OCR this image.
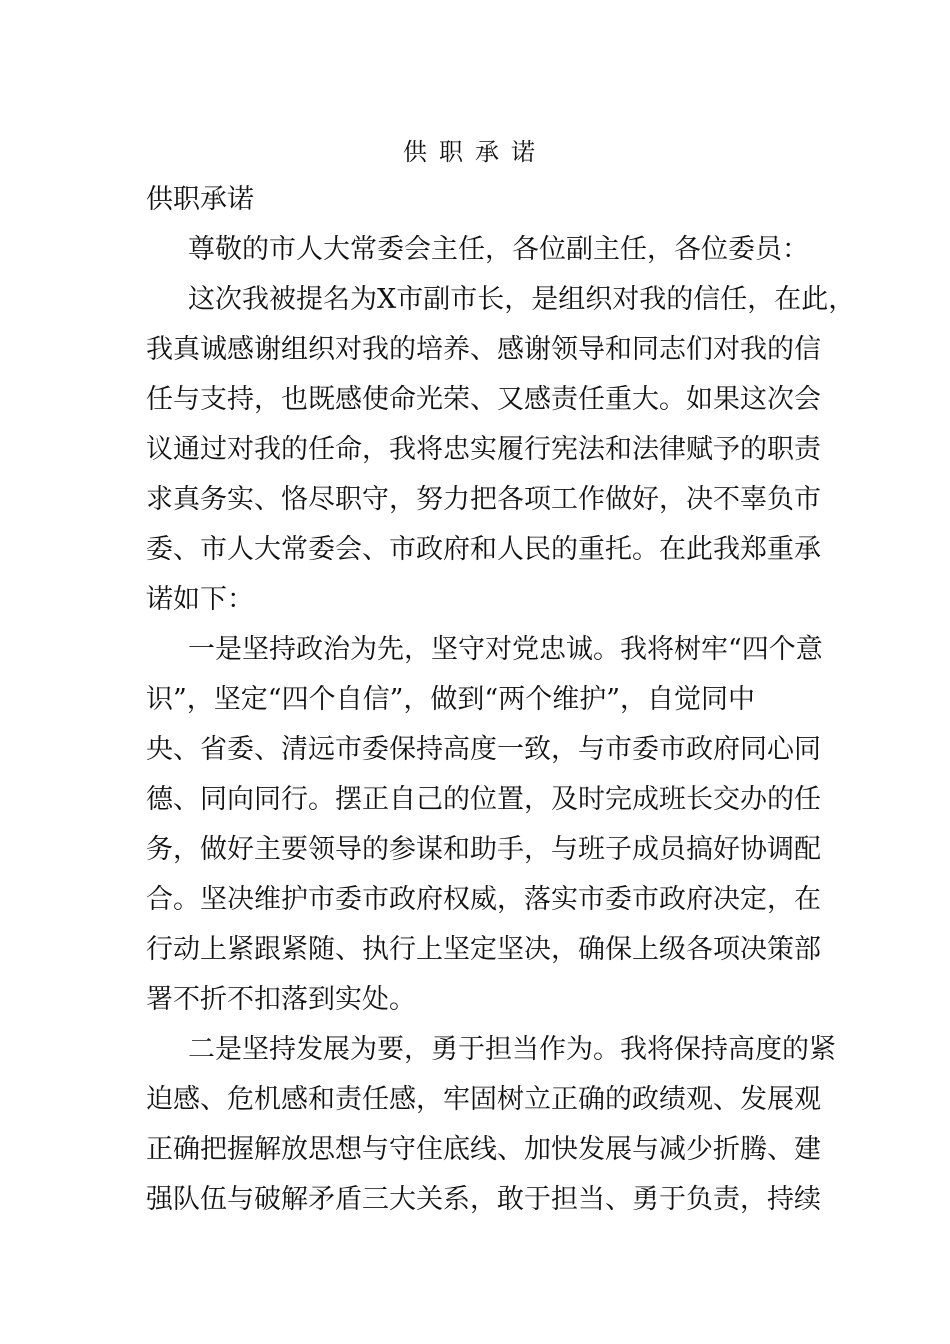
供职承诺
供职承诺
尊敬的市人大常委会主任，各位副主任，各位委员：
这次我被提名为X市副市长，是组织对我的信任，在此，
我真诚感谢组织对我的培养、感谢领导和同志们对我的信
任与支持，也既感使命光荣、又感责任重大。如果这次会
议通过对我的任命，我将忠实履行宪法和法律赋予的职责
求真务实、恪尽职守，努力把各项工作做好，决不辜负市
委、市人大常委会、市政府和人民的重托。在此我郑重承
诺如下：
一是坚持政治为先，坚守对党忠诚。我将树牢“四个意
识”，坚定“四个自信”，做到“两个维护”，自觉同中
央、省委、清远市委保持高度一致，与市委市政府同心同
德、同向同行。摆正自己的位置，及时完成班长交办的任
务，做好主要领导的参谋和助手，与班子成员搞好协调配
合。坚决维护市委市政府权威，落实市委市政府决定，在
行动上紧跟紧随、执行上坚定坚决，确保上级各项决策部
署不折不扣落到实处。
二是坚持发展为要，勇于担当作为。我将保持高度的紧
迫感、危机感和责任感，牢固树立正确的政绩观、发展观
正确把握解放思想与守住底线、加快发展与减少折腾、建
强队伍与破解矛盾三大关系，敢于担当、勇于负责，持续
